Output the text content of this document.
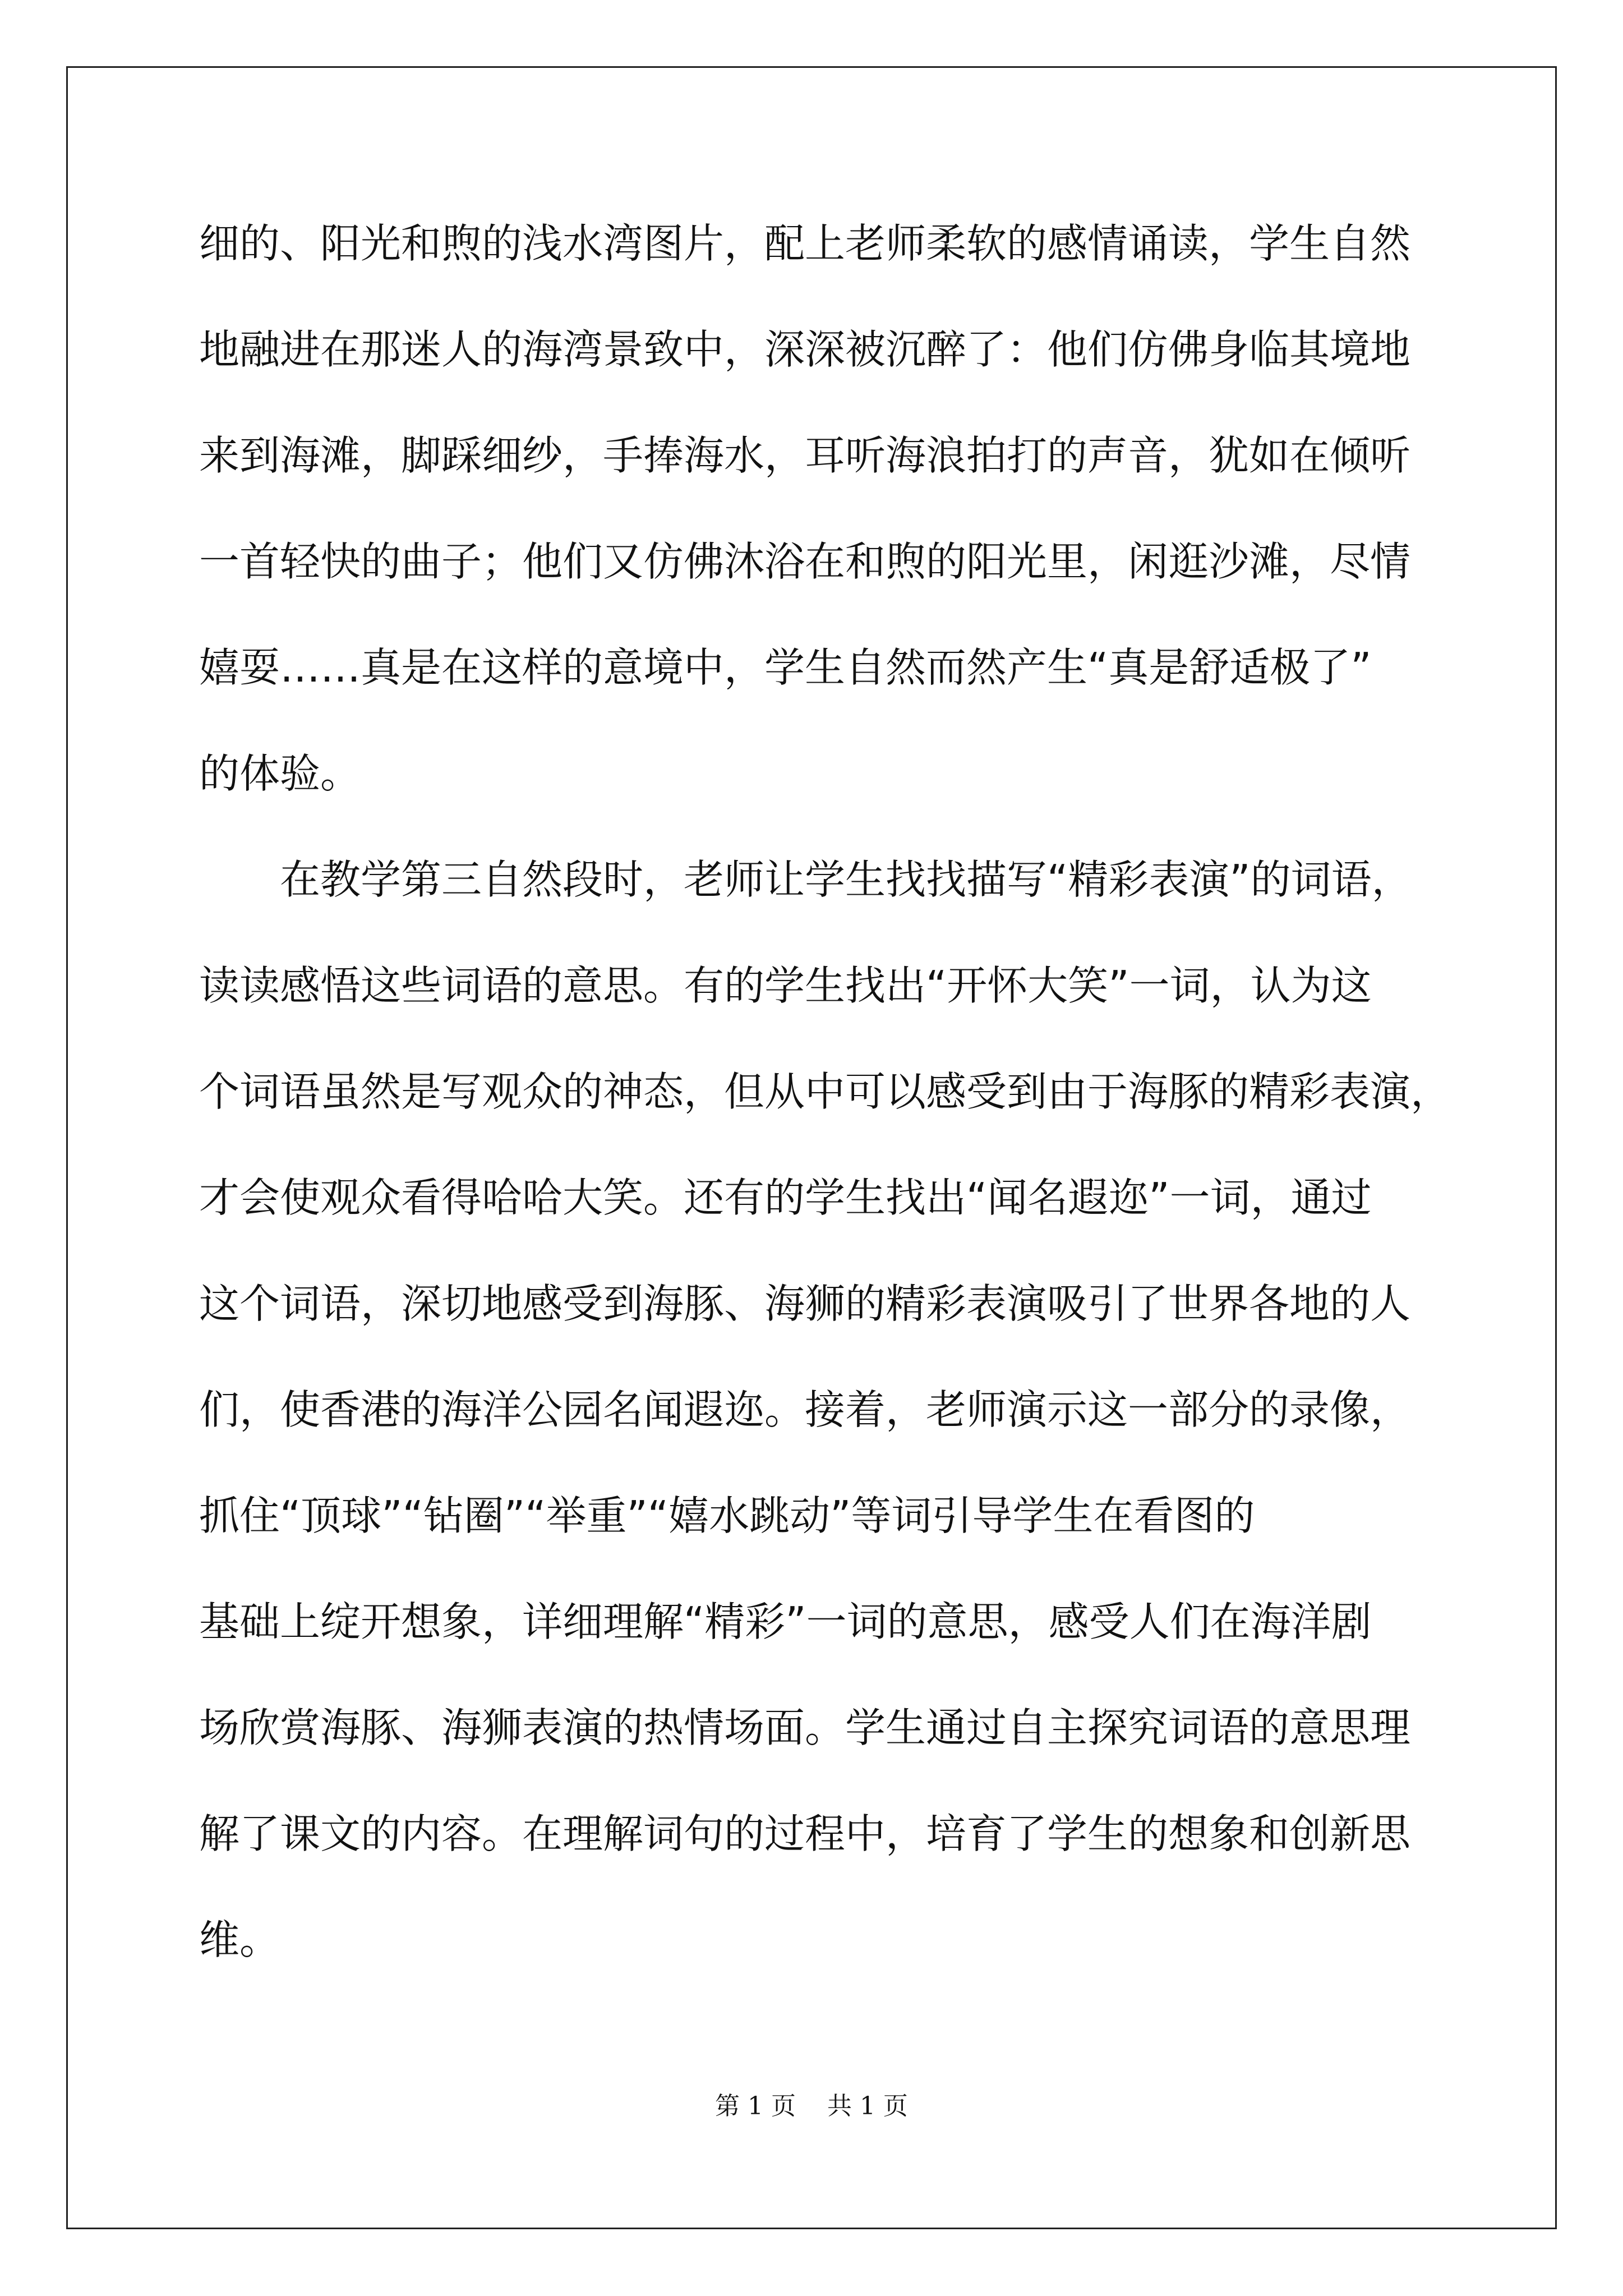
细的、阳光和煦的浅水湾图片，配上老师柔软的感情诵读，学生自然
地融进在那迷人的海湾景致中，深深被沉醉了：他们仿佛身临其境地
来到海滩，脚踩细纱，手捧海水，耳听海浪拍打的声音，犹如在倾听
一首轻快的曲子；他们又仿佛沐浴在和煦的阳光里，闲逛沙滩，尽情
嬉耍……真是在这样的意境中，学生自然而然产生“真是舒适极了”
的体验。
　　在教学第三自然段时，老师让学生找找描写“精彩表演”的词语，
读读感悟这些词语的意思。有的学生找出“开怀大笑”一词，认为这
个词语虽然是写观众的神态，但从中可以感受到由于海豚的精彩表演，
才会使观众看得哈哈大笑。还有的学生找出“闻名遐迩”一词，通过
这个词语，深切地感受到海豚、海狮的精彩表演吸引了世界各地的人
们，使香港的海洋公园名闻遐迩。接着，老师演示这一部分的录像，
抓住“顶球”“钻圈”“举重”“嬉水跳动”等词引导学生在看图的
基础上绽开想象，详细理解“精彩”一词的意思，感受人们在海洋剧
场欣赏海豚、海狮表演的热情场面。学生通过自主探究词语的意思理
解了课文的内容。在理解词句的过程中，培育了学生的想象和创新思
维。
第 1 页    共 1 页
